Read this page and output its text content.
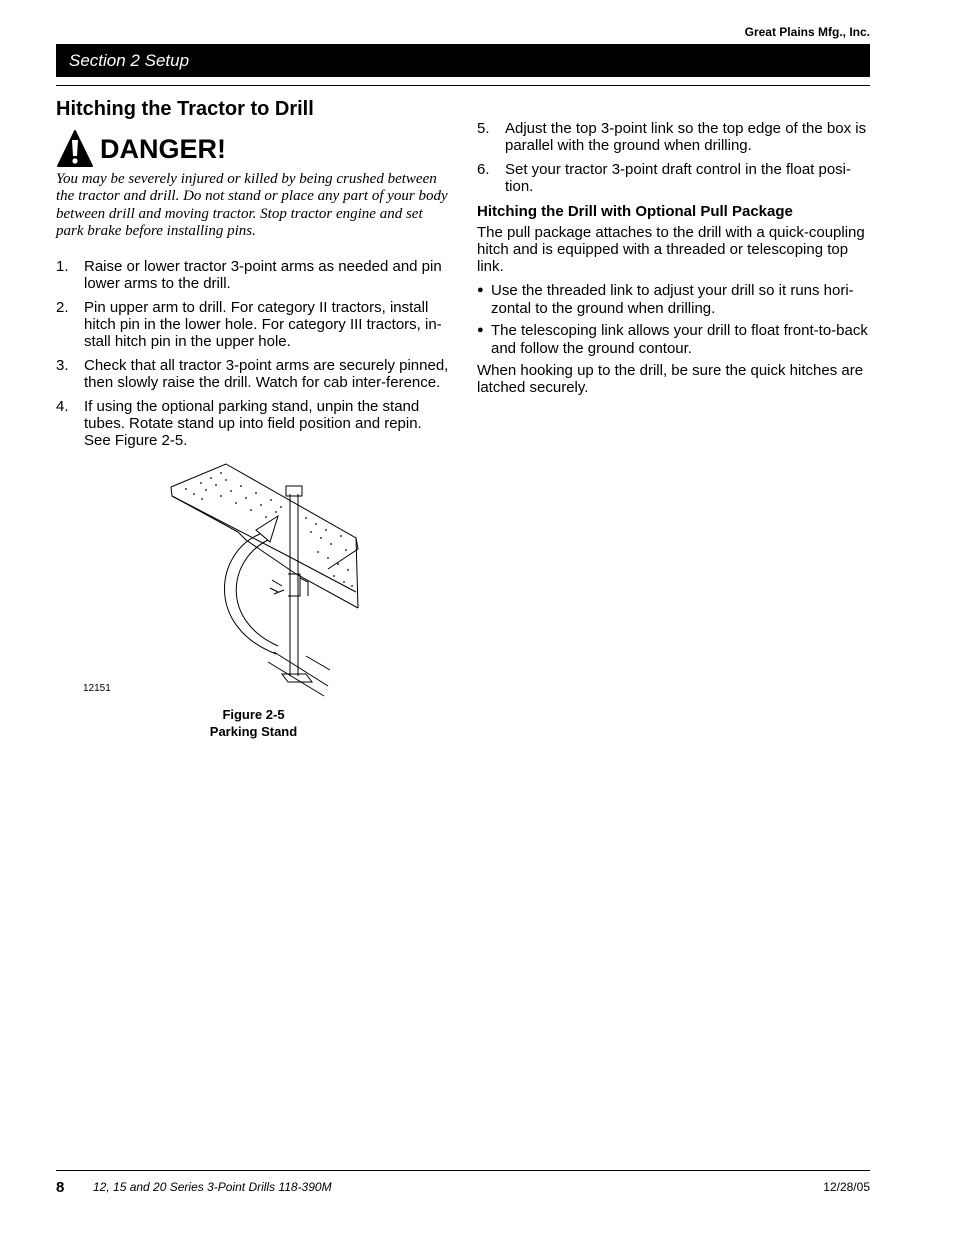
Great Plains Mfg., Inc.
Section 2 Setup
Hitching the Tractor to Drill
DANGER!

You may be severely injured or killed by being crushed between the tractor and drill. Do not stand or place any part of your body between drill and moving tractor. Stop tractor engine and set park brake before installing pins.

1.	Raise or lower tractor 3-point arms as needed and pin lower arms to the drill.
2.	Pin upper arm to drill. For category II tractors, install hitch pin in the lower hole. For category III tractors, in-stall hitch pin in the upper hole.
3.	Check that all tractor 3-point arms are securely pinned, then slowly raise the drill. Watch for cab inter-ference.
4.	If using the optional parking stand, unpin the stand tubes. Rotate stand up into field position and repin. See Figure 2-5.
12151
Figure 2-5
Parking Stand
5.	Adjust the top 3-point link so the top edge of the box is parallel with the ground when drilling.
6.	Set your tractor 3-point draft control in the float posi-tion.
Hitching the Drill with Optional Pull Package

The pull package attaches to the drill with a quick-coupling hitch and is equipped with a threaded or telescoping top link.

● Use the threaded link to adjust your drill so it runs hori-zontal to the ground when drilling.
● The telescoping link allows your drill to float front-to-back and follow the ground contour.

When hooking up to the drill, be sure the quick hitches are latched securely.

8 12, 15 and 20 Series 3-Point Drills 118-390M	12/28/05
